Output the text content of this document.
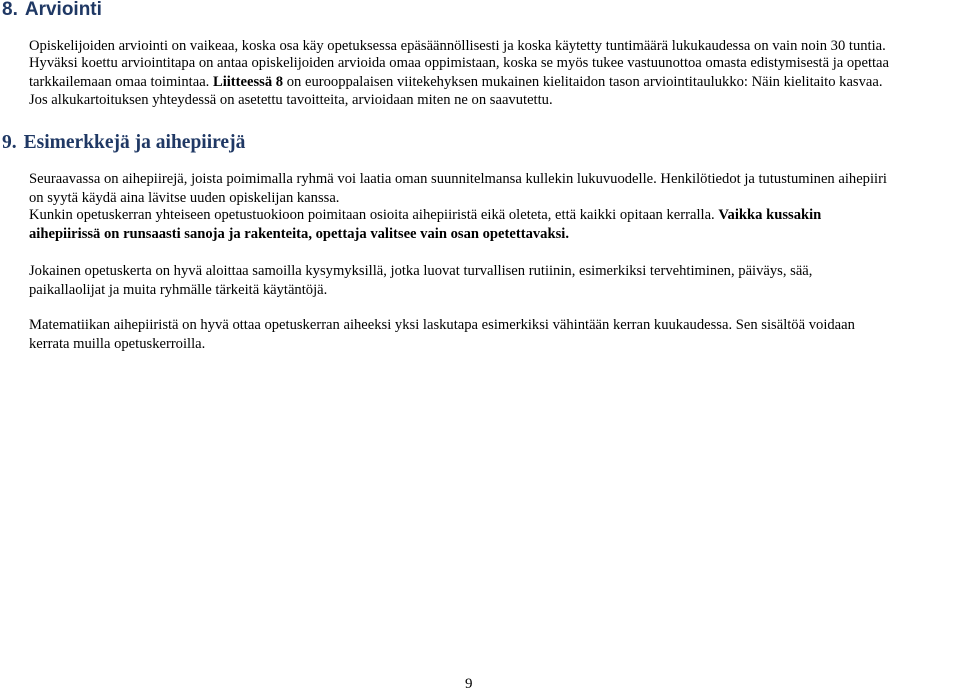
8. Arviointi

Opiskelijoiden arviointi on vaikeaa, koska osa käy opetuksessa epäsäännöllisesti ja koska käytetty tuntimäärä lukukaudessa on vain noin 30 tuntia.

Hyväksi koettu arviointitapa on antaa opiskelijoiden arvioida omaa oppimistaan, koska se myös tukee vastuunottoa omasta edistymisestä ja opettaa
tarkkailemaan omaa toimintaa. Liitteessä 8 on eurooppalaisen viitekehyksen mukainen kielitaidon tason arviointitaulukko: Näin kielitaito kasvaa.
Jos alkukartoituksen yhteydessä on asetettu tavoitteita, arvioidaan miten ne on saavutettu.

9. Esimerkkejä ja aihepiirejä

Seuraavassa on aihepiirejä, joista poimimalla ryhmä voi laatia oman suunnitelmansa kullekin lukuvuodelle. Henkilötiedot ja tutustuminen aihepiiri
on syytä käydä aina lävitse uuden opiskelijan kanssa.

Kunkin opetuskerran yhteiseen opetustuokioon poimitaan osioita aihepiiristä eikä oleteta, että kaikki opitaan kerralla. Vaikka kussakin
aihepiirissä on runsaasti sanoja ja rakenteita, opettaja valitsee vain osan opetettavaksi.

Jokainen opetuskerta on hyvä aloittaa samoilla kysymyksillä, jotka luovat turvallisen rutiinin, esimerkiksi tervehtiminen, päiväys, sää,
paikallaolijat ja muita ryhmälle tärkeitä käytäntöjä.

Matematiikan aihepiiristä on hyvä ottaa opetuskerran aiheeksi yksi laskutapa esimerkiksi vähintään kerran kuukaudessa. Sen sisältöä voidaan
kerrata muilla opetuskerroilla.

9
